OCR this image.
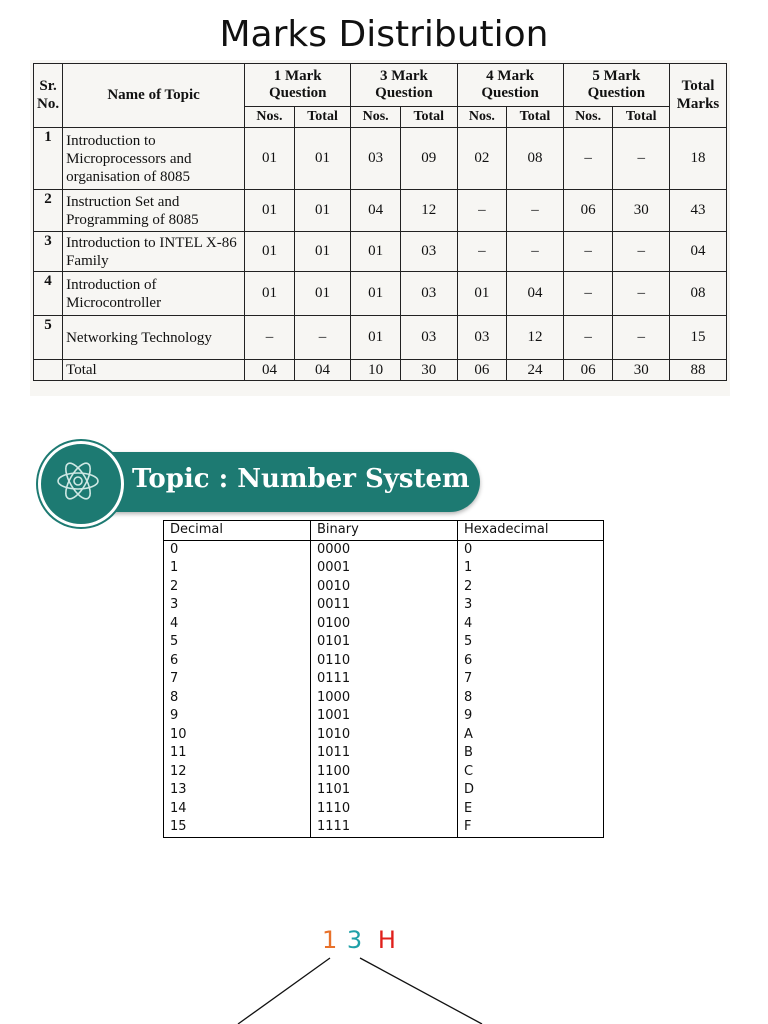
Marks Distribution
Sr. No.	Name of Topic	1 Mark Question		3 Mark Question		4 Mark Question		5 Mark Question		Total Marks
		Nos.	Total	Nos.	Total	Nos.	Total	Nos.	Total	
1	Introduction to Microprocessors and organisation of 8085	01	01	03	09	02	08	–	–	18
2	Instruction Set and Programming of 8085	01	01	04	12	–	–	06	30	43
3	Introduction to INTEL X-86 Family	01	01	01	03	–	–	–	–	04
4	Introduction of Microcontroller	01	01	01	03	01	04	–	–	08
5	Networking Technology	–	–	01	03	03	12	–	–	15
	Total	04	04	10	30	06	24	06	30	88
Topic : Number System
Decimal	Binary	Hexadecimal
0	0000	0
1	0001	1
2	0010	2
3	0011	3
4	0100	4
5	0101	5
6	0110	6
7	0111	7
8	1000	8
9	1001	9
10	1010	A
11	1011	B
12	1100	C
13	1101	D
14	1110	E
15	1111	F
1 3 H
